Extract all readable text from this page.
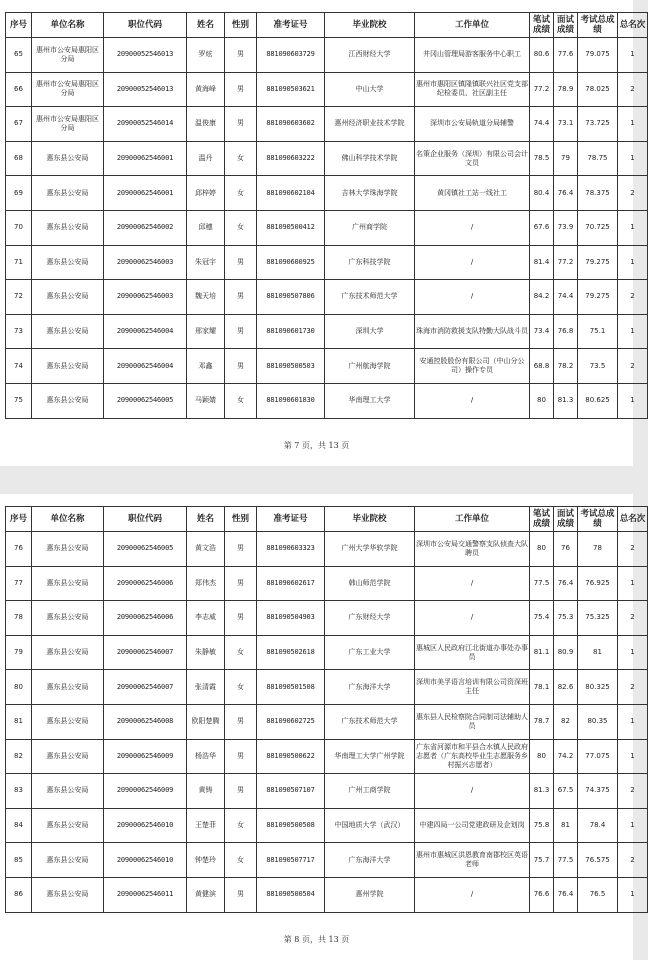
序号	单位名称	职位代码	姓名	性别	准考证号	毕业院校	工作单位	笔试成绩	面试成绩	考试总成绩	总名次
65	惠州市公安局惠阳区分局	20900052546013	罗炫	男	881090603729	江西财经大学	井冈山管理局游客服务中心职工	80.6	77.6	79.075	1
66	惠州市公安局惠阳区分局	20900052546013	黄海峰	男	881090503621	中山大学	惠州市惠阳区镇隆镇联兴社区党支部纪检委员、社区副主任	77.2	78.9	78.025	2
67	惠州市公安局惠阳区分局	20900052546014	温俊康	男	881090603602	惠州经济职业技术学院	深圳市公安局轨道分局辅警	74.4	73.1	73.725	1
68	惠东县公安局	20900062546001	温丹	女	881090603222	佛山科学技术学院	名策企业服务（深圳）有限公司会计文员	78.5	79	78.75	1
69	惠东县公安局	20900062546001	邱梓婷	女	881090602104	吉林大学珠海学院	黄冈镇社工站一线社工	80.4	76.4	78.375	2
70	惠东县公安局	20900062546002	邱穗	女	881090500412	广州商学院	/	67.6	73.9	70.725	1
71	惠东县公安局	20900062546003	朱冠宇	男	881090600925	广东科技学院	/	81.4	77.2	79.275	1
72	惠东县公安局	20900062546003	魏天培	男	881090507806	广东技术师范大学	/	84.2	74.4	79.275	2
73	惠东县公安局	20900062546004	邢家耀	男	881090601730	深圳大学	珠海市消防救援支队特勤大队战斗员	73.4	76.8	75.1	1
74	惠东县公安局	20900062546004	邓鑫	男	881090500503	广州航海学院	安通控股股份有限公司（中山分公司）操作专员	68.8	78.2	73.5	2
75	惠东县公安局	20900062546005	马颖婧	女	881090601830	华南理工大学	/	80	81.3	80.625	1
第 7 页，共 13 页
序号	单位名称	职位代码	姓名	性别	准考证号	毕业院校	工作单位	笔试成绩	面试成绩	考试总成绩	总名次
76	惠东县公安局	20900062546005	黄文浩	男	881090603323	广州大学华软学院	深圳市公安局交通警察支队侦查大队聘员	80	76	78	2
77	惠东县公安局	20900062546006	郑伟杰	男	881090602617	韩山师范学院	/	77.5	76.4	76.925	1
78	惠东县公安局	20900062546006	李志威	男	881090504903	广东财经大学	/	75.4	75.3	75.325	2
79	惠东县公安局	20900062546007	朱静敏	女	881090502618	广东工业大学	惠城区人民政府江北街道办事处办事员	81.1	80.9	81	1
80	惠东县公安局	20900062546007	张清霞	女	881090501508	广东海洋大学	深圳市美孚语言培训有限公司资深班主任	78.1	82.6	80.325	2
81	惠东县公安局	20900062546008	欧阳楚腾	男	881090602725	广东技术师范大学	惠东县人民检察院合同制司法辅助人员	78.7	82	80.35	1
82	惠东县公安局	20900062546009	杨浩华	男	881090500622	华南理工大学广州学院	广东省河源市和平县合水镇人民政府志愿者（广东高校毕业生志愿服务乡村振兴志愿者）	80	74.2	77.075	1
83	惠东县公安局	20900062546009	黄铸	男	881090507107	广州工商学院	/	81.3	67.5	74.375	2
84	惠东县公安局	20900062546010	王楚菲	女	881090500508	中国地质大学（武汉）	中建四局一公司党建政研及企划岗	75.8	81	78.4	1
85	惠东县公安局	20900062546010	钟楚玲	女	881090507717	广东海洋大学	惠州市惠城区洪恩教育南郡校区英语老师	75.7	77.5	76.575	2
86	惠东县公安局	20900062546011	黄健滨	男	881090500504	惠州学院	/	76.6	76.4	76.5	1
第 8 页，共 13 页
